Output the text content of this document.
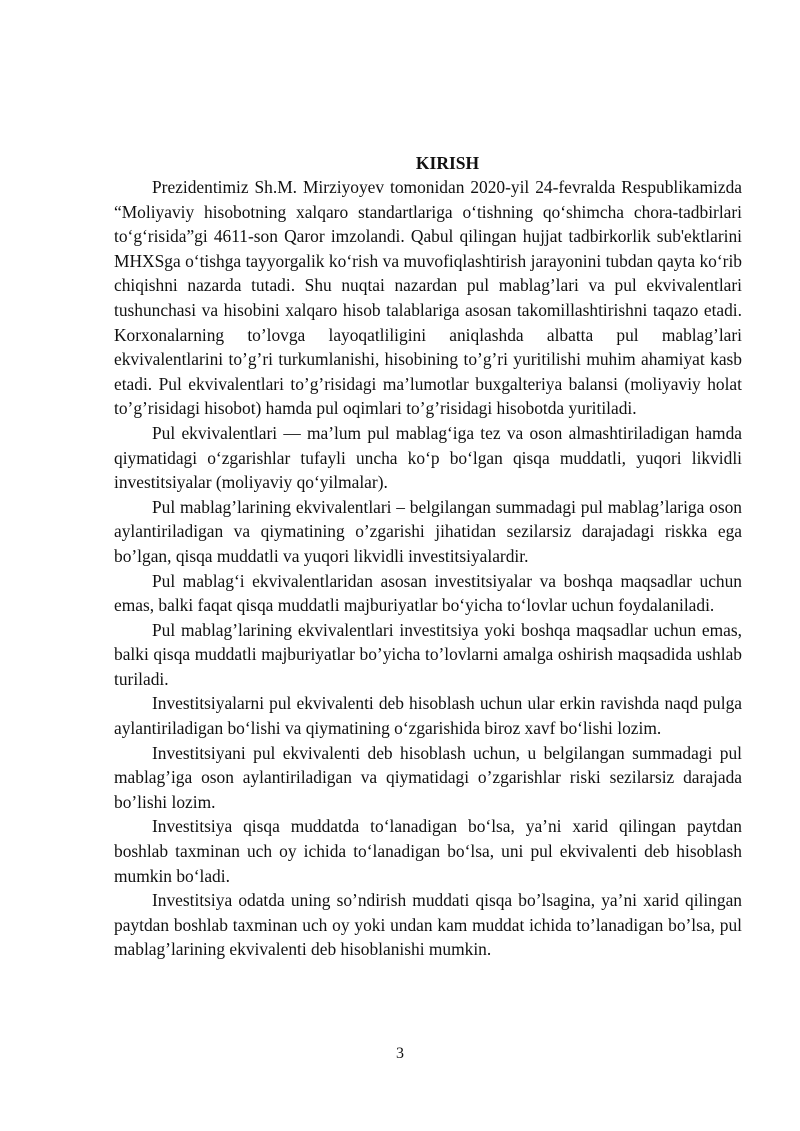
KIRISH

Prezidentimiz Sh.M. Mirziyoyev tomonidan 2020-yil 24-fevralda Respublikamizda “Moliyaviy hisobotning xalqaro standartlariga o‘tishning qo‘shimcha chora-tadbirlari to‘g‘risida”gi 4611-son Qaror imzolandi. Qabul qilingan hujjat tadbirkorlik sub'ektlarini MHXSga o‘tishga tayyorgalik ko‘rish va muvofiqlashtirish jarayonini tubdan qayta ko‘rib chiqishni nazarda tutadi. Shu nuqtai nazardan pul mablag’lari va pul ekvivalentlari tushunchasi va hisobini xalqaro hisob talablariga asosan takomillashtirishni taqazo etadi. Korxonalarning to’lovga layoqatliligini aniqlashda albatta pul mablag’lari ekvivalentlarini to’g’ri turkumlanishi, hisobining to’g’ri yuritilishi muhim ahamiyat kasb etadi. Pul ekvivalentlari to’g’risidagi ma’lumotlar buxgalteriya balansi (moliyaviy holat to’g’risidagi hisobot) hamda pul oqimlari to’g’risidagi hisobotda yuritiladi.

Pul ekvivalentlari — ma’lum pul mablag‘iga tez va oson almashtiriladigan hamda qiymatidagi o‘zgarishlar tufayli uncha ko‘p bo‘lgan qisqa muddatli, yuqori likvidli investitsiyalar (moliyaviy qo‘yilmalar).

Pul mablag’larining ekvivalentlari – belgilangan summadagi pul mablag’lariga oson aylantiriladigan va qiymatining o’zgarishi jihatidan sezilarsiz darajadagi riskka ega bo’lgan, qisqa muddatli va yuqori likvidli investitsiyalardir.

Pul mablag‘i ekvivalentlaridan asosan investitsiyalar va boshqa maqsadlar uchun emas, balki faqat qisqa muddatli majburiyatlar bo‘yicha to‘lovlar uchun foydalaniladi.

Pul mablag’larining ekvivalentlari investitsiya yoki boshqa maqsadlar uchun emas, balki qisqa muddatli majburiyatlar bo’yicha to’lovlarni amalga oshirish maqsadida ushlab turiladi.

Investitsiyalarni pul ekvivalenti deb hisoblash uchun ular erkin ravishda naqd pulga aylantiriladigan bo‘lishi va qiymatining o‘zgarishida biroz xavf bo‘lishi lozim.

Investitsiyani pul ekvivalenti deb hisoblash uchun, u belgilangan summadagi pul mablag’iga oson aylantiriladigan va qiymatidagi o’zgarishlar riski sezilarsiz darajada bo’lishi lozim.

Investitsiya qisqa muddatda to‘lanadigan bo‘lsa, ya’ni xarid qilingan paytdan boshlab taxminan uch oy ichida to‘lanadigan bo‘lsa, uni pul ekvivalenti deb hisoblash mumkin bo‘ladi.

Investitsiya odatda uning so’ndirish muddati qisqa bo’lsagina, ya’ni xarid qilingan paytdan boshlab taxminan uch oy yoki undan kam muddat ichida to’lanadigan bo’lsa, pul mablag’larining ekvivalenti deb hisoblanishi mumkin.

3
